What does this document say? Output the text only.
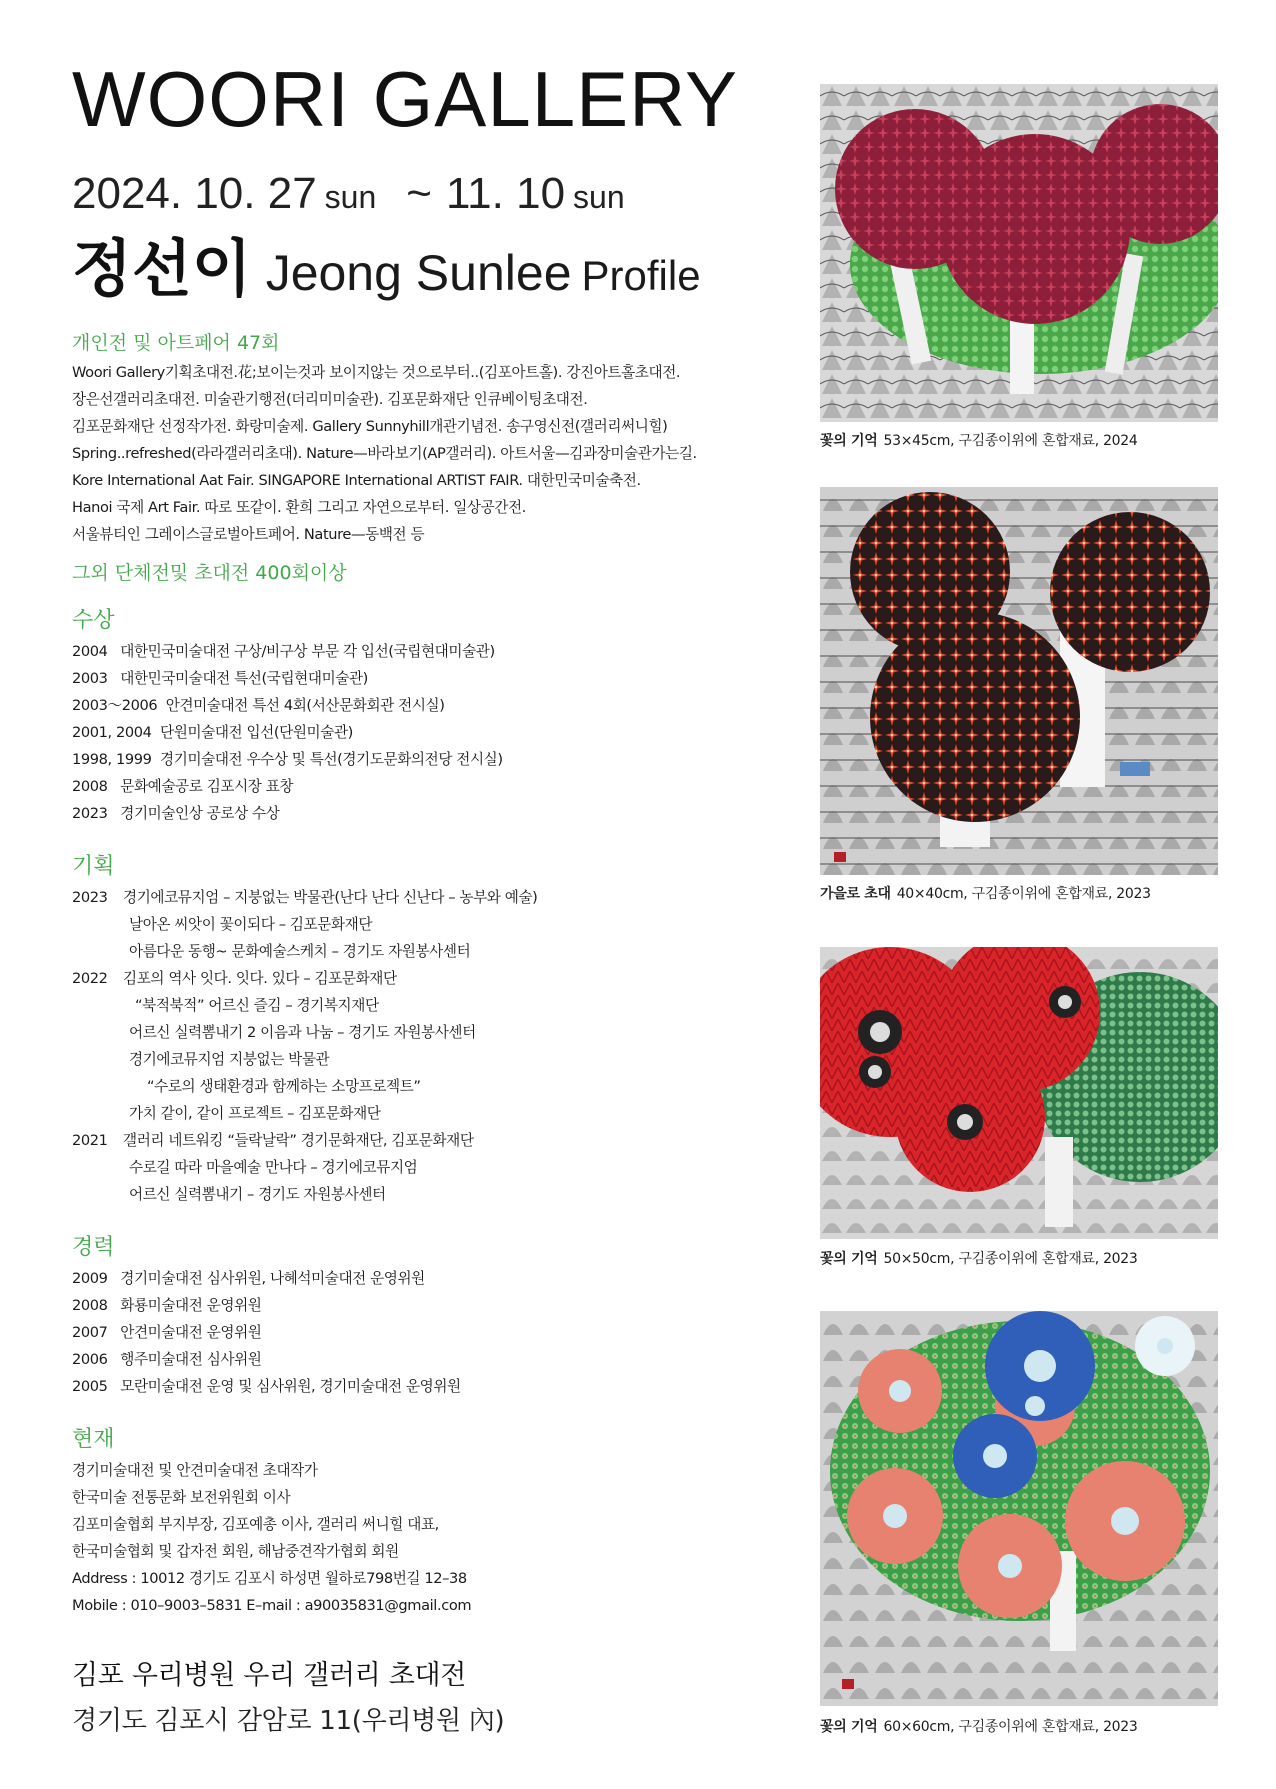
WOORI GALLERY
2024. 10. 27 sun ~ 11. 10 sun
정선이 Jeong Sunlee Profile
개인전 및 아트페어 47회
Woori Gallery기획초대전.花;보이는것과 보이지않는 것으로부터..(김포아트홀). 강진아트홀초대전.
장은선갤러리초대전. 미술관기행전(더리미미술관). 김포문화재단 인큐베이팅초대전.
김포문화재단 선정작가전. 화랑미술제. Gallery Sunnyhill개관기념전. 송구영신전(갤러리써니힐)
Spring..refreshed(라라갤러리초대). Nature—바라보기(AP갤러리). 아트서울—김과장미술관가는길.
Kore International Aat Fair. SINGAPORE International ARTIST FAIR. 대한민국미술축전.
Hanoi 국제 Art Fair. 따로 또같이. 환희 그리고 자연으로부터. 일상공간전.
서울뷰티인 그레이스글로벌아트페어. Nature—동백전 등
그외 단체전및 초대전 400회이상
수상
2004 대한민국미술대전 구상/비구상 부문 각 입선(국립현대미술관)
2003 대한민국미술대전 특선(국립현대미술관)
2003～2006 안견미술대전 특선 4회(서산문화회관 전시실)
2001, 2004 단원미술대전 입선(단원미술관)
1998, 1999 경기미술대전 우수상 및 특선(경기도문화의전당 전시실)
2008 문화예술공로 김포시장 표창
2023 경기미술인상 공로상 수상
기획
2023 경기에코뮤지엄 – 지붕없는 박물관(난다 난다 신난다 – 농부와 예술)
날아온 씨앗이 꽃이되다 – 김포문화재단
아름다운 동행~ 문화예술스케치 – 경기도 자원봉사센터
2022 김포의 역사 잇다. 잇다. 있다 – 김포문화재단
“북적북적” 어르신 즐김 – 경기복지재단
어르신 실력뽐내기 2 이음과 나눔 – 경기도 자원봉사센터
경기에코뮤지엄 지붕없는 박물관
“수로의 생태환경과 함께하는 소망프로젝트”
가치 같이, 같이 프로젝트 – 김포문화재단
2021 갤러리 네트워킹 “들락날락” 경기문화재단, 김포문화재단
수로길 따라 마을예술 만나다 – 경기에코뮤지엄
어르신 실력뽐내기 – 경기도 자원봉사센터
경력
2009 경기미술대전 심사위원, 나혜석미술대전 운영위원
2008 화룡미술대전 운영위원
2007 안견미술대전 운영위원
2006 행주미술대전 심사위원
2005 모란미술대전 운영 및 심사위원, 경기미술대전 운영위원
현재
경기미술대전 및 안견미술대전 초대작가
한국미술 전통문화 보전위원회 이사
김포미술협회 부지부장, 김포예총 이사, 갤러리 써니힐 대표,
한국미술협회 및 갑자전 회원, 해남중견작가협회 회원
Address : 10012 경기도 김포시 하성면 월하로798번길 12–38
Mobile : 010–9003–5831 E–mail : a90035831@gmail.com
김포 우리병원 우리 갤러리 초대전
경기도 김포시 감암로 11(우리병원 內)
꽃의 기억 53×45cm, 구김종이위에 혼합재료, 2024
가을로 초대 40×40cm, 구김종이위에 혼합재료, 2023
꽃의 기억 50×50cm, 구김종이위에 혼합재료, 2023
꽃의 기억 60×60cm, 구김종이위에 혼합재료, 2023
